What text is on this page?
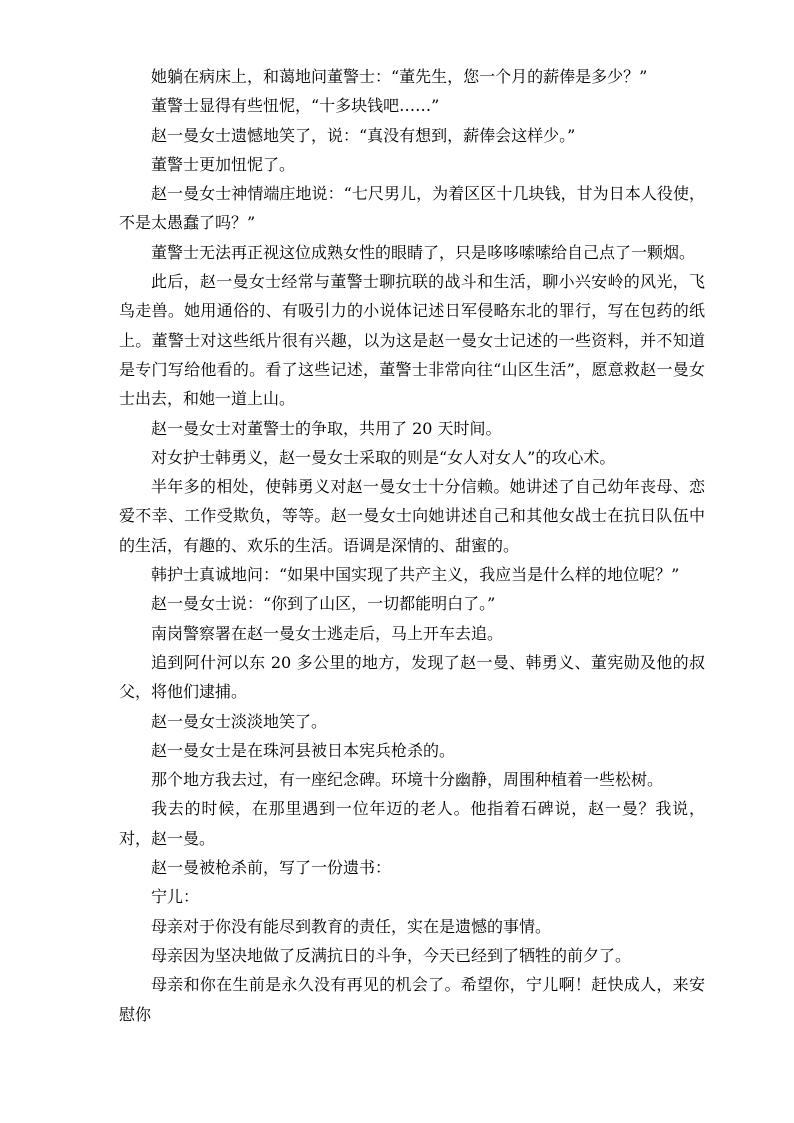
她躺在病床上，和蔼地问董警士：“董先生，您一个月的薪俸是多少？”

董警士显得有些忸怩，“十多块钱吧……”

赵一曼女士遗憾地笑了，说：“真没有想到，薪俸会这样少。”

董警士更加忸怩了。

赵一曼女士神情端庄地说：“七尺男儿，为着区区十几块钱，甘为日本人役使，不是太愚蠢了吗？”

董警士无法再正视这位成熟女性的眼睛了，只是哆哆嗦嗦给自己点了一颗烟。

此后，赵一曼女士经常与董警士聊抗联的战斗和生活，聊小兴安岭的风光，飞鸟走兽。她用通俗的、有吸引力的小说体记述日军侵略东北的罪行，写在包药的纸上。董警士对这些纸片很有兴趣，以为这是赵一曼女士记述的一些资料，并不知道是专门写给他看的。看了这些记述，董警士非常向往“山区生活”，愿意救赵一曼女士出去，和她一道上山。

赵一曼女士对董警士的争取，共用了 20 天时间。

对女护士韩勇义，赵一曼女士采取的则是“女人对女人”的攻心术。

半年多的相处，使韩勇义对赵一曼女士十分信赖。她讲述了自己幼年丧母、恋爱不幸、工作受欺负，等等。赵一曼女士向她讲述自己和其他女战士在抗日队伍中的生活，有趣的、欢乐的生活。语调是深情的、甜蜜的。

韩护士真诚地问：“如果中国实现了共产主义，我应当是什么样的地位呢？”

赵一曼女士说：“你到了山区，一切都能明白了。”

南岗警察署在赵一曼女士逃走后，马上开车去追。

追到阿什河以东 20 多公里的地方，发现了赵一曼、韩勇义、董宪勋及他的叔父，将他们逮捕。

赵一曼女士淡淡地笑了。

赵一曼女士是在珠河县被日本宪兵枪杀的。

那个地方我去过，有一座纪念碑。环境十分幽静，周围种植着一些松树。

我去的时候，在那里遇到一位年迈的老人。他指着石碑说，赵一曼？我说，对，赵一曼。

赵一曼被枪杀前，写了一份遗书：

宁儿：

母亲对于你没有能尽到教育的责任，实在是遗憾的事情。

母亲因为坚决地做了反满抗日的斗争，今天已经到了牺牲的前夕了。

母亲和你在生前是永久没有再见的机会了。希望你，宁儿啊！赶快成人，来安慰你
